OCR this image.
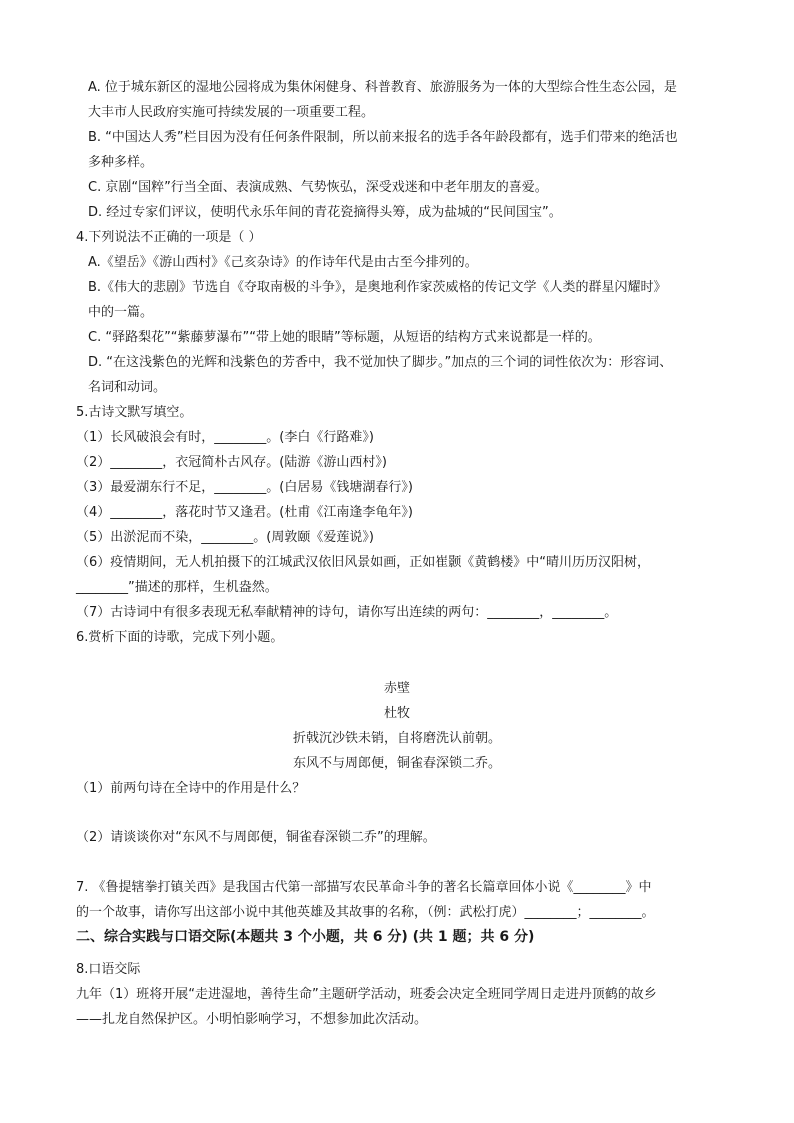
A. 位于城东新区的湿地公园将成为集休闲健身、科普教育、旅游服务为一体的大型综合性生态公园，是
大丰市人民政府实施可持续发展的一项重要工程。
B. “中国达人秀”栏目因为没有任何条件限制，所以前来报名的选手各年龄段都有，选手们带来的绝活也
多种多样。
C. 京剧“国粹”行当全面、表演成熟、气势恢弘，深受戏迷和中老年朋友的喜爱。
D. 经过专家们评议，使明代永乐年间的青花瓷摘得头筹，成为盐城的“民间国宝”。
4.下列说法不正确的一项是（ ）
A.《望岳》《游山西村》《己亥杂诗》的作诗年代是由古至今排列的。
B.《伟大的悲剧》节选自《夺取南极的斗争》，是奥地利作家茨威格的传记文学《人类的群星闪耀时》
中的一篇。
C. “驿路梨花”“紫藤萝瀑布”“带上她的眼睛”等标题，从短语的结构方式来说都是一样的。
D. “在这浅紫色的光辉和浅紫色的芳香中，我不觉加快了脚步。”加点的三个词的词性依次为：形容词、
名词和动词。
5.古诗文默写填空。
（1）长风破浪会有时，________。(李白《行路难》)
（2）________，衣冠简朴古风存。(陆游《游山西村》)
（3）最爱湖东行不足，________。(白居易《钱塘湖春行》)
（4）________，落花时节又逢君。(杜甫《江南逢李龟年》)
（5）出淤泥而不染，________。(周敦颐《爱莲说》)
（6）疫情期间，无人机拍摄下的江城武汉依旧风景如画，正如崔颢《黄鹤楼》中“晴川历历汉阳树，
________”描述的那样，生机盎然。
（7）古诗词中有很多表现无私奉献精神的诗句，请你写出连续的两句：________，________。
6.赏析下面的诗歌，完成下列小题。
赤壁
杜牧
折戟沉沙铁未销，自将磨洗认前朝。
东风不与周郎便，铜雀春深锁二乔。
（1）前两句诗在全诗中的作用是什么？
（2）请谈谈你对“东风不与周郎便，铜雀春深锁二乔”的理解。
7. 《鲁提辖拳打镇关西》是我国古代第一部描写农民革命斗争的著名长篇章回体小说《________》中
的一个故事，请你写出这部小说中其他英雄及其故事的名称，（例：武松打虎）________；________。
二、综合实践与口语交际(本题共 3 个小题，共 6 分) (共 1 题；共 6 分)
8.口语交际
九年（1）班将开展“走进湿地，善待生命”主题研学活动，班委会决定全班同学周日走进丹顶鹤的故乡
——扎龙自然保护区。小明怕影响学习，不想参加此次活动。
